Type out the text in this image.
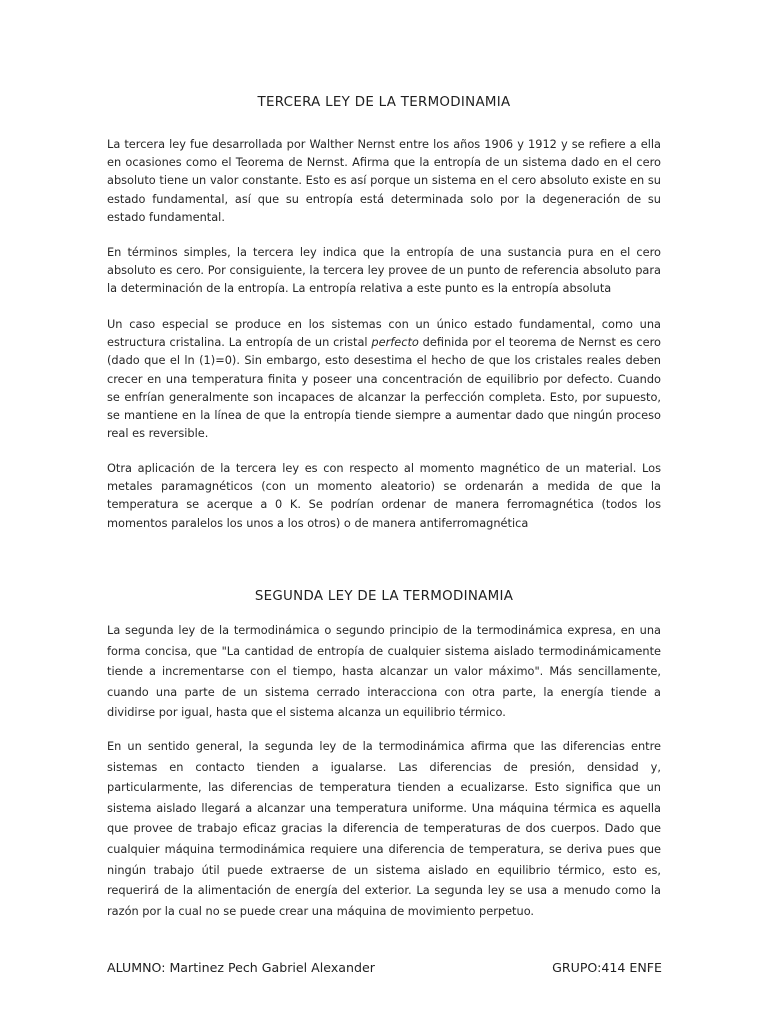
TERCERA LEY DE LA TERMODINAMIA

La tercera ley fue desarrollada por Walther Nernst entre los años 1906 y 1912 y se refiere a ella en ocasiones como el Teorema de Nernst. Afirma que la entropía de un sistema dado en el cero absoluto tiene un valor constante. Esto es así porque un sistema en el cero absoluto existe en su estado fundamental, así que su entropía está determinada solo por la degeneración de su estado fundamental.

En términos simples, la tercera ley indica que la entropía de una sustancia pura en el cero absoluto es cero. Por consiguiente, la tercera ley provee de un punto de referencia absoluto para la determinación de la entropía. La entropía relativa a este punto es la entropía absoluta

Un caso especial se produce en los sistemas con un único estado fundamental, como una estructura cristalina. La entropía de un cristal perfecto definida por el teorema de Nernst es cero (dado que el ln (1)=0). Sin embargo, esto desestima el hecho de que los cristales reales deben crecer en una temperatura finita y poseer una concentración de equilibrio por defecto. Cuando se enfrían generalmente son incapaces de alcanzar la perfección completa. Esto, por supuesto, se mantiene en la línea de que la entropía tiende siempre a aumentar dado que ningún proceso real es reversible.

Otra aplicación de la tercera ley es con respecto al momento magnético de un material. Los metales paramagnéticos (con un momento aleatorio) se ordenarán a medida de que la temperatura se acerque a 0 K. Se podrían ordenar de manera ferromagnética (todos los momentos paralelos los unos a los otros) o de manera antiferromagnética

SEGUNDA LEY DE LA TERMODINAMIA

La segunda ley de la termodinámica o segundo principio de la termodinámica expresa, en una forma concisa, que "La cantidad de entropía de cualquier sistema aislado termodinámicamente tiende a incrementarse con el tiempo, hasta alcanzar un valor máximo". Más sencillamente, cuando una parte de un sistema cerrado interacciona con otra parte, la energía tiende a dividirse por igual, hasta que el sistema alcanza un equilibrio térmico.

En un sentido general, la segunda ley de la termodinámica afirma que las diferencias entre sistemas en contacto tienden a igualarse. Las diferencias de presión, densidad y, particularmente, las diferencias de temperatura tienden a ecualizarse. Esto significa que un sistema aislado llegará a alcanzar una temperatura uniforme. Una máquina térmica es aquella que provee de trabajo eficaz gracias la diferencia de temperaturas de dos cuerpos. Dado que cualquier máquina termodinámica requiere una diferencia de temperatura, se deriva pues que ningún trabajo útil puede extraerse de un sistema aislado en equilibrio térmico, esto es, requerirá de la alimentación de energía del exterior. La segunda ley se usa a menudo como la razón por la cual no se puede crear una máquina de movimiento perpetuo.

ALUMNO: Martinez Pech Gabriel Alexander	GRUPO:414 ENFE
